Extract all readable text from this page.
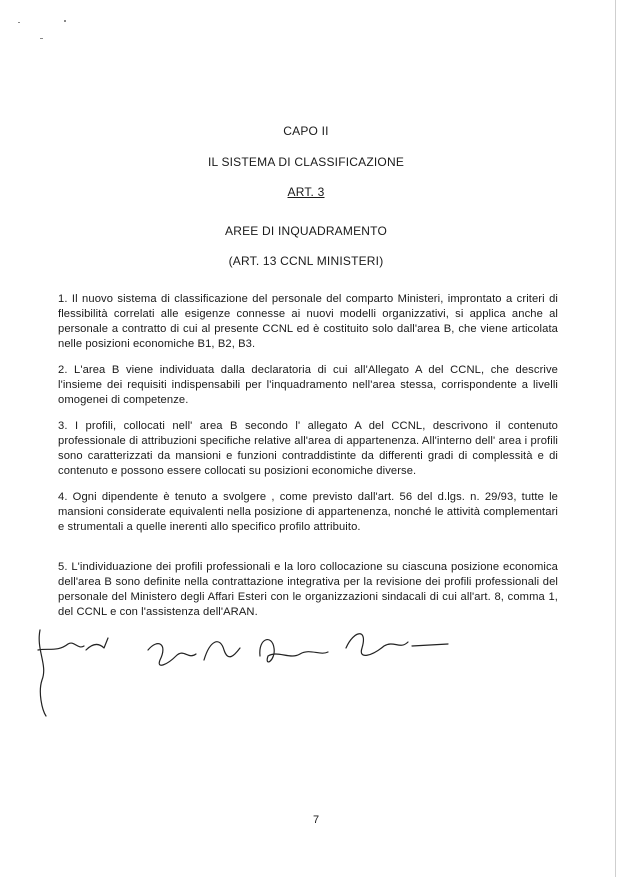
CAPO II
IL SISTEMA DI CLASSIFICAZIONE
ART. 3
AREE DI INQUADRAMENTO
(ART. 13 CCNL MINISTERI)
1. Il nuovo sistema di classificazione del personale del comparto Ministeri, improntato a criteri di flessibilità correlati alle esigenze connesse ai nuovi modelli organizzativi, si applica anche al personale a contratto di cui al presente CCNL ed è costituito solo dall'area B, che viene articolata nelle posizioni economiche B1, B2, B3.
2. L'area B viene individuata dalla declaratoria di cui all'Allegato A del CCNL, che descrive l'insieme dei requisiti indispensabili per l'inquadramento nell'area stessa, corrispondente a livelli omogenei di competenze.
3. I profili, collocati nell' area B secondo l' allegato A del CCNL, descrivono il contenuto professionale di attribuzioni specifiche relative all'area di appartenenza. All'interno dell' area i profili sono caratterizzati da mansioni e funzioni contraddistinte da differenti gradi di complessità e di contenuto e possono essere collocati su posizioni economiche diverse.
4. Ogni dipendente è tenuto a svolgere , come previsto dall'art. 56 del d.lgs. n. 29/93, tutte le mansioni considerate equivalenti nella posizione di appartenenza, nonché le attività complementari e strumentali a quelle inerenti allo specifico profilo attribuito.
5. L'individuazione dei profili professionali e la loro collocazione su ciascuna posizione economica dell'area B sono definite nella contrattazione integrativa per la revisione dei profili professionali del personale del Ministero degli Affari Esteri con le organizzazioni sindacali di cui all'art. 8, comma 1, del CCNL e con l'assistenza dell'ARAN.
7
